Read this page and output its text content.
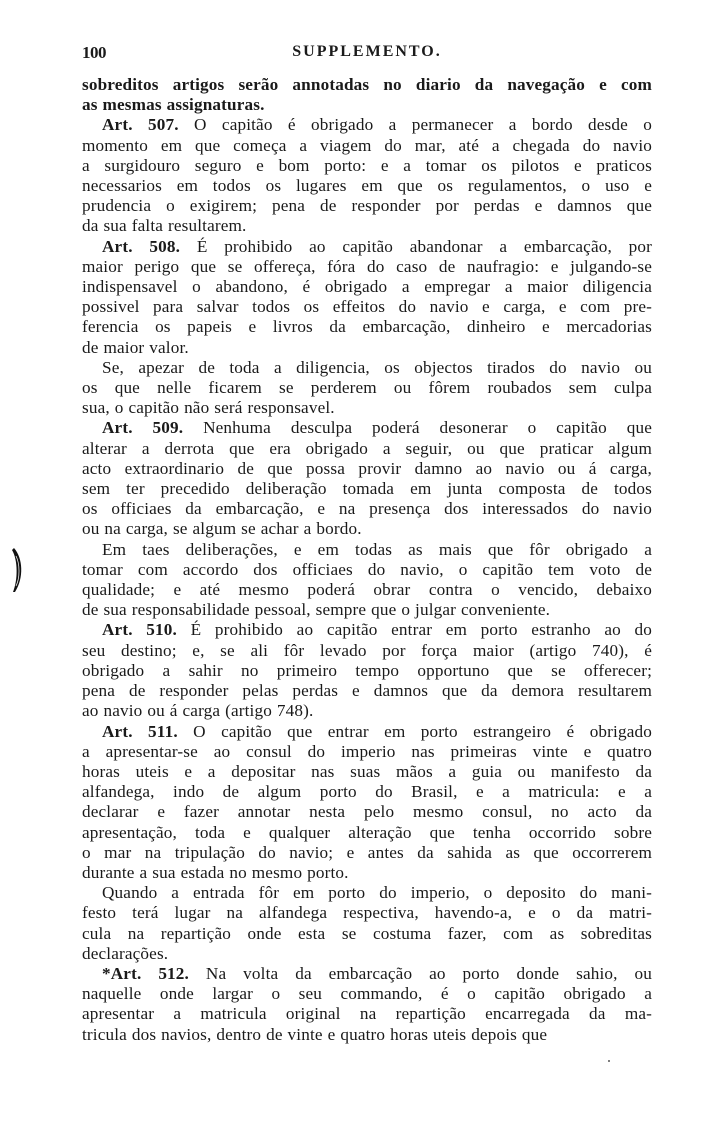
100	SUPPLEMENTO.
sobreditos artigos serão annotadas no diario da navegação e com
as mesmas assignaturas.
Art. 507. O capitão é obrigado a permanecer a bordo desde o
momento em que começa a viagem do mar, até a chegada do navio
a surgidouro seguro e bom porto: e a tomar os pilotos e praticos
necessarios em todos os lugares em que os regulamentos, o uso e
prudencia o exigirem; pena de responder por perdas e damnos que
da sua falta resultarem.
Art. 508. É prohibido ao capitão abandonar a embarcação, por
maior perigo que se offereça, fóra do caso de naufragio: e julgando-se
indispensavel o abandono, é obrigado a empregar a maior diligencia
possivel para salvar todos os effeitos do navio e carga, e com pre-
ferencia os papeis e livros da embarcação, dinheiro e mercadorias
de maior valor.
Se, apezar de toda a diligencia, os objectos tirados do navio ou
os que nelle ficarem se perderem ou fôrem roubados sem culpa
sua, o capitão não será responsavel.
Art. 509. Nenhuma desculpa poderá desonerar o capitão que
alterar a derrota que era obrigado a seguir, ou que praticar algum
acto extraordinario de que possa provir damno ao navio ou á carga,
sem ter precedido deliberação tomada em junta composta de todos
os officiaes da embarcação, e na presença dos interessados do navio
ou na carga, se algum se achar a bordo.
Em taes deliberações, e em todas as mais que fôr obrigado a
tomar com accordo dos officiaes do navio, o capitão tem voto de
qualidade; e até mesmo poderá obrar contra o vencido, debaixo
de sua responsabilidade pessoal, sempre que o julgar conveniente.
Art. 510. É prohibido ao capitão entrar em porto estranho ao do
seu destino; e, se ali fôr levado por força maior (artigo 740), é
obrigado a sahir no primeiro tempo opportuno que se offerecer;
pena de responder pelas perdas e damnos que da demora resultarem
ao navio ou á carga (artigo 748).
Art. 511. O capitão que entrar em porto estrangeiro é obrigado
a apresentar-se ao consul do imperio nas primeiras vinte e quatro
horas uteis e a depositar nas suas mãos a guia ou manifesto da
alfandega, indo de algum porto do Brasil, e a matricula: e a
declarar e fazer annotar nesta pelo mesmo consul, no acto da
apresentação, toda e qualquer alteração que tenha occorrido sobre
o mar na tripulação do navio; e antes da sahida as que occorrerem
durante a sua estada no mesmo porto.
Quando a entrada fôr em porto do imperio, o deposito do mani-
festo terá lugar na alfandega respectiva, havendo-a, e o da matri-
cula na repartição onde esta se costuma fazer, com as sobreditas
declarações.
*Art. 512. Na volta da embarcação ao porto donde sahio, ou
naquelle onde largar o seu commando, é o capitão obrigado a
apresentar a matricula original na repartição encarregada da ma-
tricula dos navios, dentro de vinte e quatro horas uteis depois que
